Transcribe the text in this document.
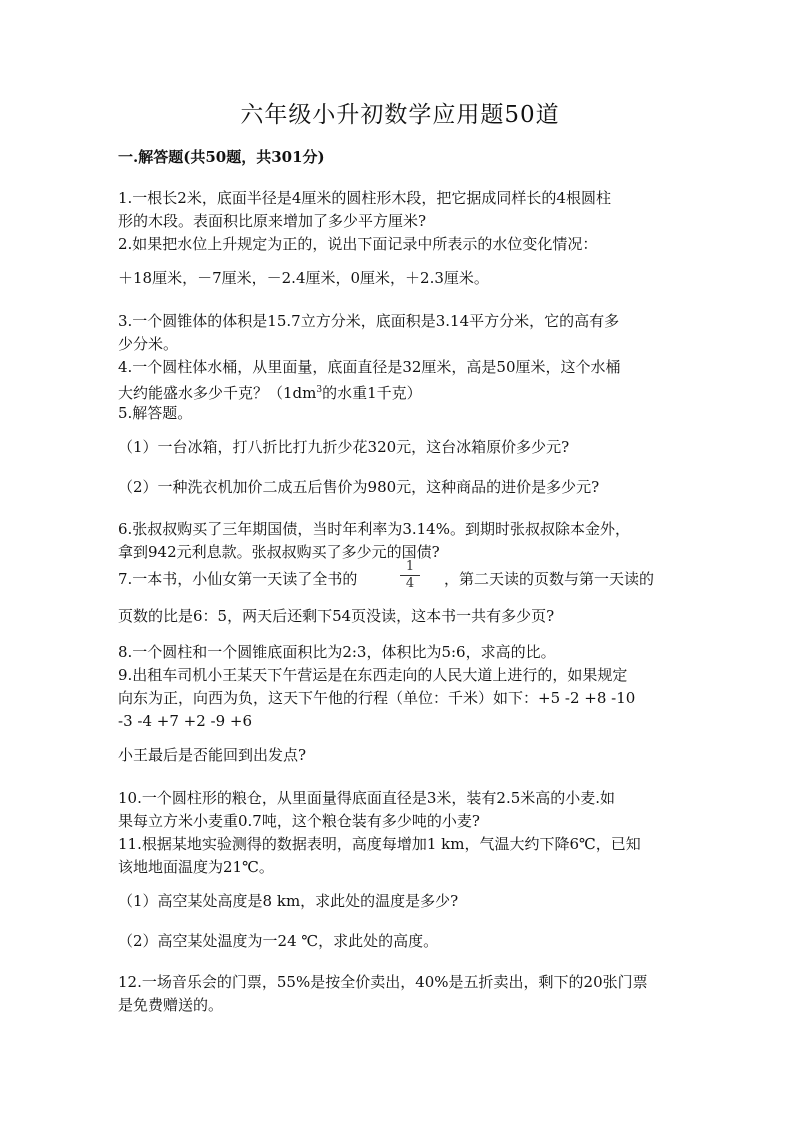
六年级小升初数学应用题50道
一.解答题(共50题，共301分)
1.一根长2米，底面半径是4厘米的圆柱形木段，把它据成同样长的4根圆柱
形的木段。表面积比原来增加了多少平方厘米?
2.如果把水位上升规定为正的，说出下面记录中所表示的水位变化情况：
＋18厘米，－7厘米，－2.4厘米，0厘米，＋2.3厘米。
3.一个圆锥体的体积是15.7立方分米，底面积是3.14平方分米，它的高有多
少分米。
4.一个圆柱体水桶，从里面量，底面直径是32厘米，高是50厘米，这个水桶
大约能盛水多少千克？（$1dm^3$的水重1千克）
5.解答题。
（1）一台冰箱，打八折比打九折少花320元，这台冰箱原价多少元?
（2）一种洗衣机加价二成五后售价为980元，这种商品的进价是多少元?
6.张叔叔购买了三年期国债，当时年利率为3.14%。到期时张叔叔除本金外，
拿到942元利息款。张叔叔购买了多少元的国债?
7.一本书，小仙女第一天读了全书的	$\frac{1}{4}$ ，第二天读的页数与第一天读的
页数的比是6：5，两天后还剩下54页没读，这本书一共有多少页?
8.一个圆柱和一个圆锥底面积比为2:3，体积比为5:6，求高的比。
9.出租车司机小王某天下午营运是在东西走向的人民大道上进行的，如果规定
向东为正，向西为负，这天下午他的行程（单位：千米）如下：+5 -2 +8 -10
-3 -4 +7 +2 -9 +6
小王最后是否能回到出发点?
10.一个圆柱形的粮仓，从里面量得底面直径是3米，装有2.5米高的小麦.如
果每立方米小麦重0.7吨，这个粮仓装有多少吨的小麦?
11.根据某地实验测得的数据表明，高度每增加1 km，气温大约下降6℃，已知
该地地面温度为21℃。
（1）高空某处高度是8 km，求此处的温度是多少?
（2）高空某处温度为一24 ℃，求此处的高度。
12.一场音乐会的门票，55%是按全价卖出，40%是五折卖出，剩下的20张门票
是免费赠送的。
